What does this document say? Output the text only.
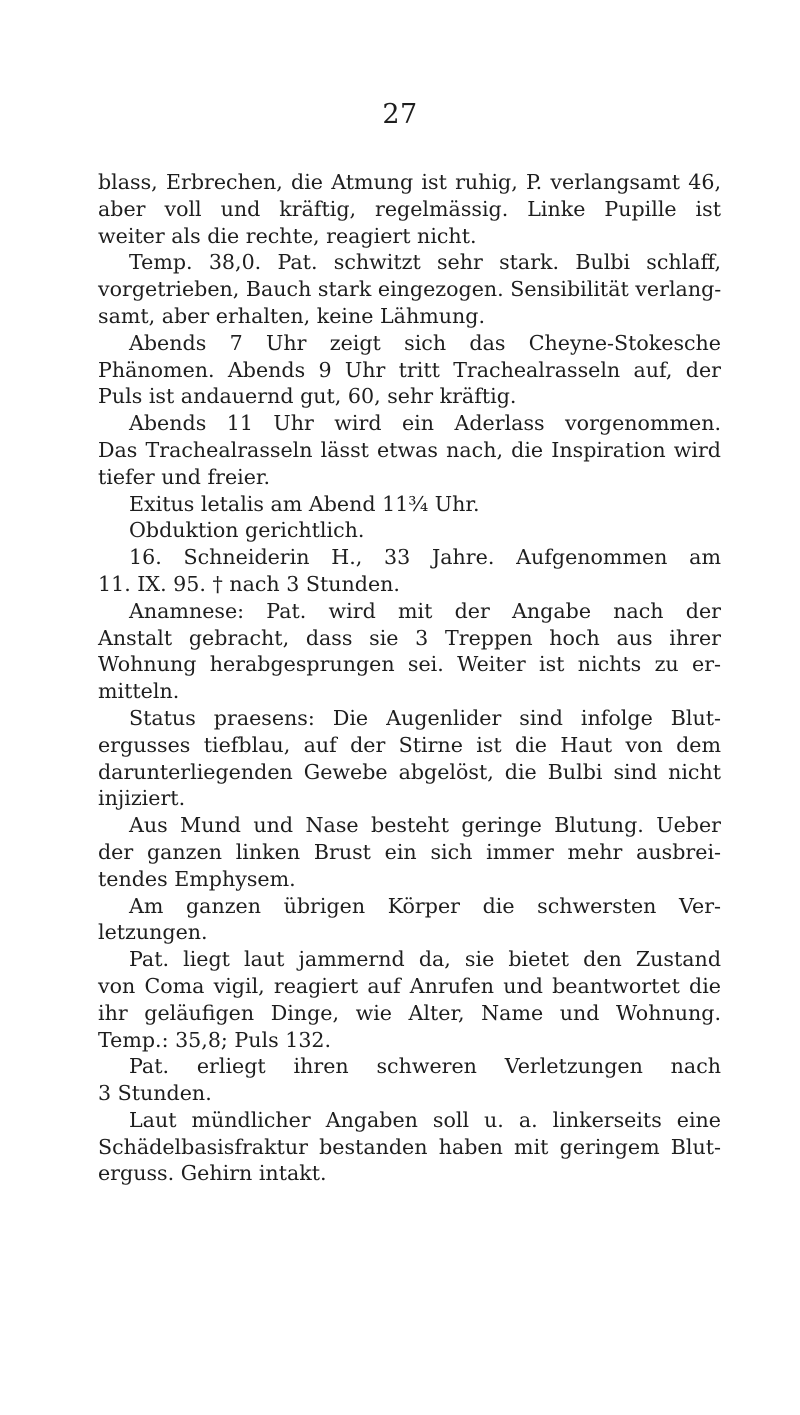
27
blass, Erbrechen, die Atmung ist ruhig, P. verlangsamt 46,
aber voll und kräftig, regelmässig. Linke Pupille ist
weiter als die rechte, reagiert nicht.
Temp. 38,0. Pat. schwitzt sehr stark. Bulbi schlaff,
vorgetrieben, Bauch stark eingezogen. Sensibilität verlang-
samt, aber erhalten, keine Lähmung.
Abends 7 Uhr zeigt sich das Cheyne-Stokesche
Phänomen. Abends 9 Uhr tritt Trachealrasseln auf, der
Puls ist andauernd gut, 60, sehr kräftig.
Abends 11 Uhr wird ein Aderlass vorgenommen.
Das Trachealrasseln lässt etwas nach, die Inspiration wird
tiefer und freier.
Exitus letalis am Abend 11¾ Uhr.
Obduktion gerichtlich.
16. Schneiderin H., 33 Jahre. Aufgenommen am
11. IX. 95. † nach 3 Stunden.
Anamnese: Pat. wird mit der Angabe nach der
Anstalt gebracht, dass sie 3 Treppen hoch aus ihrer
Wohnung herabgesprungen sei. Weiter ist nichts zu er-
mitteln.
Status praesens: Die Augenlider sind infolge Blut-
ergusses tiefblau, auf der Stirne ist die Haut von dem
darunterliegenden Gewebe abgelöst, die Bulbi sind nicht
injiziert.
Aus Mund und Nase besteht geringe Blutung. Ueber
der ganzen linken Brust ein sich immer mehr ausbrei-
tendes Emphysem.
Am ganzen übrigen Körper die schwersten Ver-
letzungen.
Pat. liegt laut jammernd da, sie bietet den Zustand
von Coma vigil, reagiert auf Anrufen und beantwortet die
ihr geläufigen Dinge, wie Alter, Name und Wohnung.
Temp.: 35,8; Puls 132.
Pat. erliegt ihren schweren Verletzungen nach
3 Stunden.
Laut mündlicher Angaben soll u. a. linkerseits eine
Schädelbasisfraktur bestanden haben mit geringem Blut-
erguss. Gehirn intakt.
